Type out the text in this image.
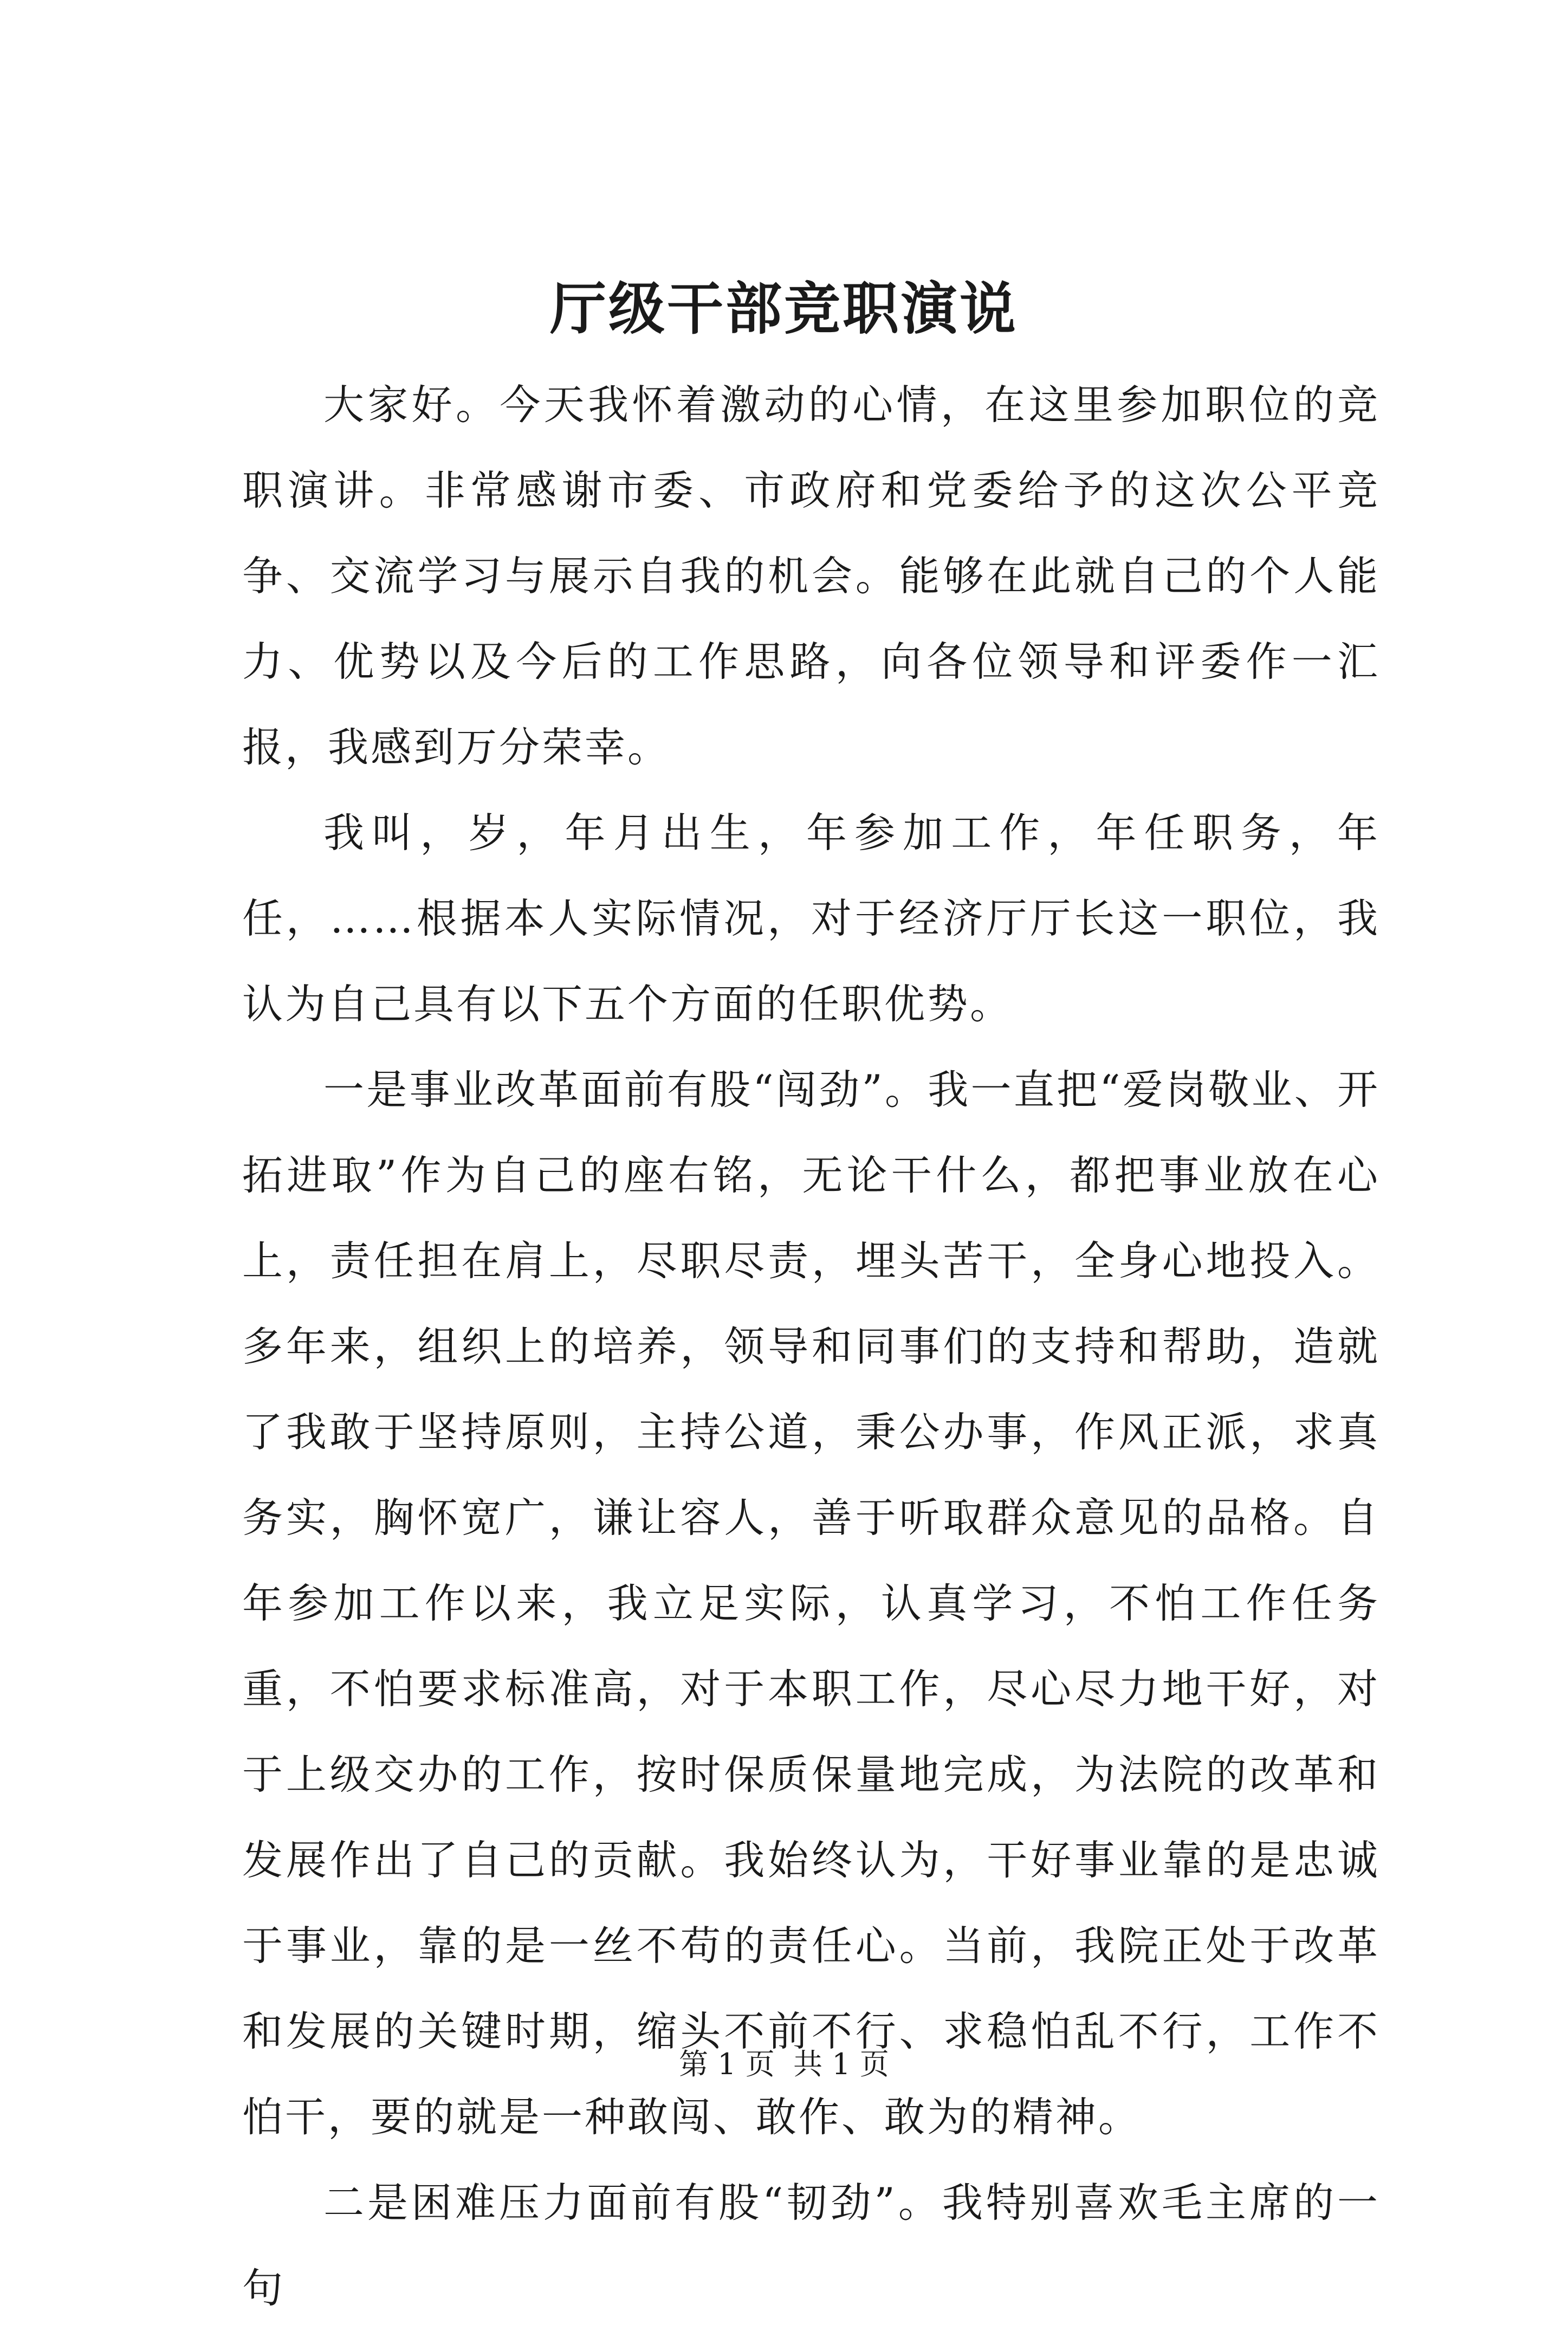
厅级干部竞职演说

大家好。今天我怀着激动的心情，在这里参加职位的竞职演讲。非常感谢市委、市政府和党委给予的这次公平竞争、交流学习与展示自我的机会。能够在此就自己的个人能力、优势以及今后的工作思路，向各位领导和评委作一汇报，我感到万分荣幸。

我叫，岁，年月出生，年参加工作，年任职务，年任，……根据本人实际情况，对于经济厅厅长这一职位，我认为自己具有以下五个方面的任职优势。

一是事业改革面前有股“闯劲”。我一直把“爱岗敬业、开拓进取”作为自己的座右铭，无论干什么，都把事业放在心上，责任担在肩上，尽职尽责，埋头苦干，全身心地投入。多年来，组织上的培养，领导和同事们的支持和帮助，造就了我敢于坚持原则，主持公道，秉公办事，作风正派，求真务实，胸怀宽广，谦让容人，善于听取群众意见的品格。自年参加工作以来，我立足实际，认真学习，不怕工作任务重，不怕要求标准高，对于本职工作，尽心尽力地干好，对于上级交办的工作，按时保质保量地完成，为法院的改革和发展作出了自己的贡献。我始终认为，干好事业靠的是忠诚于事业，靠的是一丝不苟的责任心。当前，我院正处于改革和发展的关键时期，缩头不前不行、求稳怕乱不行，工作不怕干，要的就是一种敢闯、敢作、敢为的精神。

二是困难压力面前有股“韧劲”。我特别喜欢毛主席的一句

第 1 页  共 1 页
